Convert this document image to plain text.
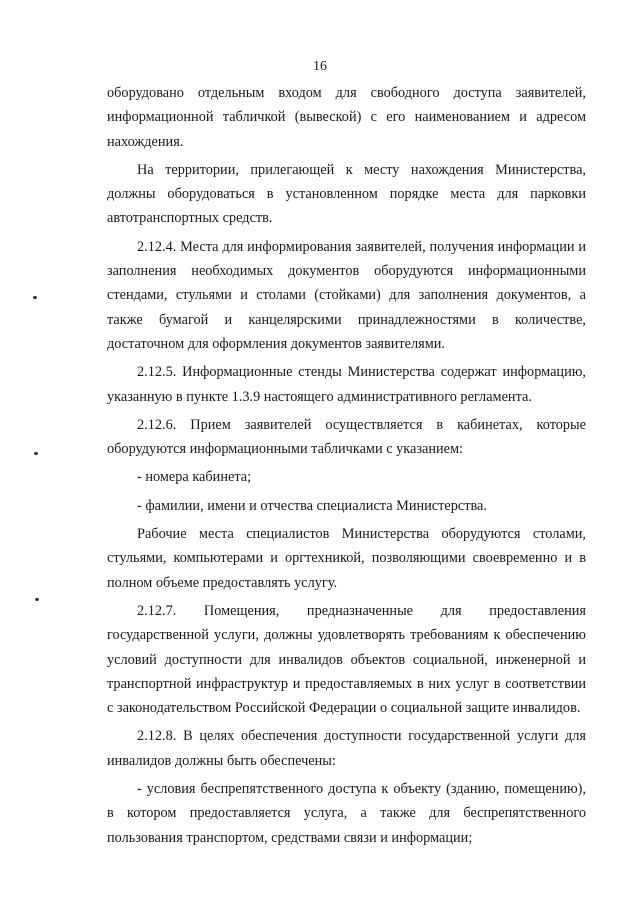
16

оборудовано отдельным входом для свободного доступа заявителей, информационной табличкой (вывеской) с его наименованием и адресом нахождения.

На территории, прилегающей к месту нахождения Министерства, должны оборудоваться в установленном порядке места для парковки автотранспортных средств.

2.12.4. Места для информирования заявителей, получения информации и заполнения необходимых документов оборудуются информационными стендами, стульями и столами (стойками) для заполнения документов, а также бумагой и канцелярскими принадлежностями в количестве, достаточном для оформления документов заявителями.

2.12.5. Информационные стенды Министерства содержат информацию, указанную в пункте 1.3.9 настоящего административного регламента.

2.12.6. Прием заявителей осуществляется в кабинетах, которые оборудуются информационными табличками с указанием:

- номера кабинета;

- фамилии, имени и отчества специалиста Министерства.

Рабочие места специалистов Министерства оборудуются столами, стульями, компьютерами и оргтехникой, позволяющими своевременно и в полном объеме предоставлять услугу.

2.12.7. Помещения, предназначенные для предоставления государственной услуги, должны удовлетворять требованиям к обеспечению условий доступности для инвалидов объектов социальной, инженерной и транспортной инфраструктур и предоставляемых в них услуг в соответствии с законодательством Российской Федерации о социальной защите инвалидов.

2.12.8. В целях обеспечения доступности государственной услуги для инвалидов должны быть обеспечены:

- условия беспрепятственного доступа к объекту (зданию, помещению), в котором предоставляется услуга, а также для беспрепятственного пользования транспортом, средствами связи и информации;
